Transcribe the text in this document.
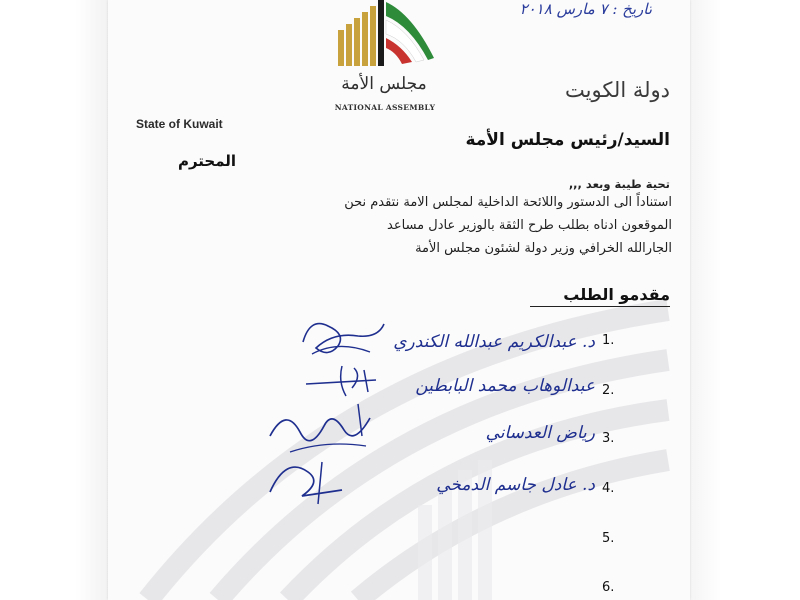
تاريخ : ٧ مارس ٢٠١٨
مجلس الأمة
NATIONAL ASSEMBLY
دولة الكويت
State of Kuwait
السيد/رئيس مجلس الأمة
المحترم
تحية طيبة وبعد ,,,
استناداً الى الدستور واللائحة الداخلية لمجلس الامة نتقدم نحن
الموقعون ادناه بطلب طرح الثقة بالوزير عادل مساعد
الجارالله الخرافي وزير دولة لشئون مجلس الأمة
مقدمو الطلب
1.
د. عبدالكريم عبدالله الكندري
2.
عبدالوهاب محمد البابطين
3.
رياض العدساني
4.
د. عادل جاسم الدمخي
5.
6.
